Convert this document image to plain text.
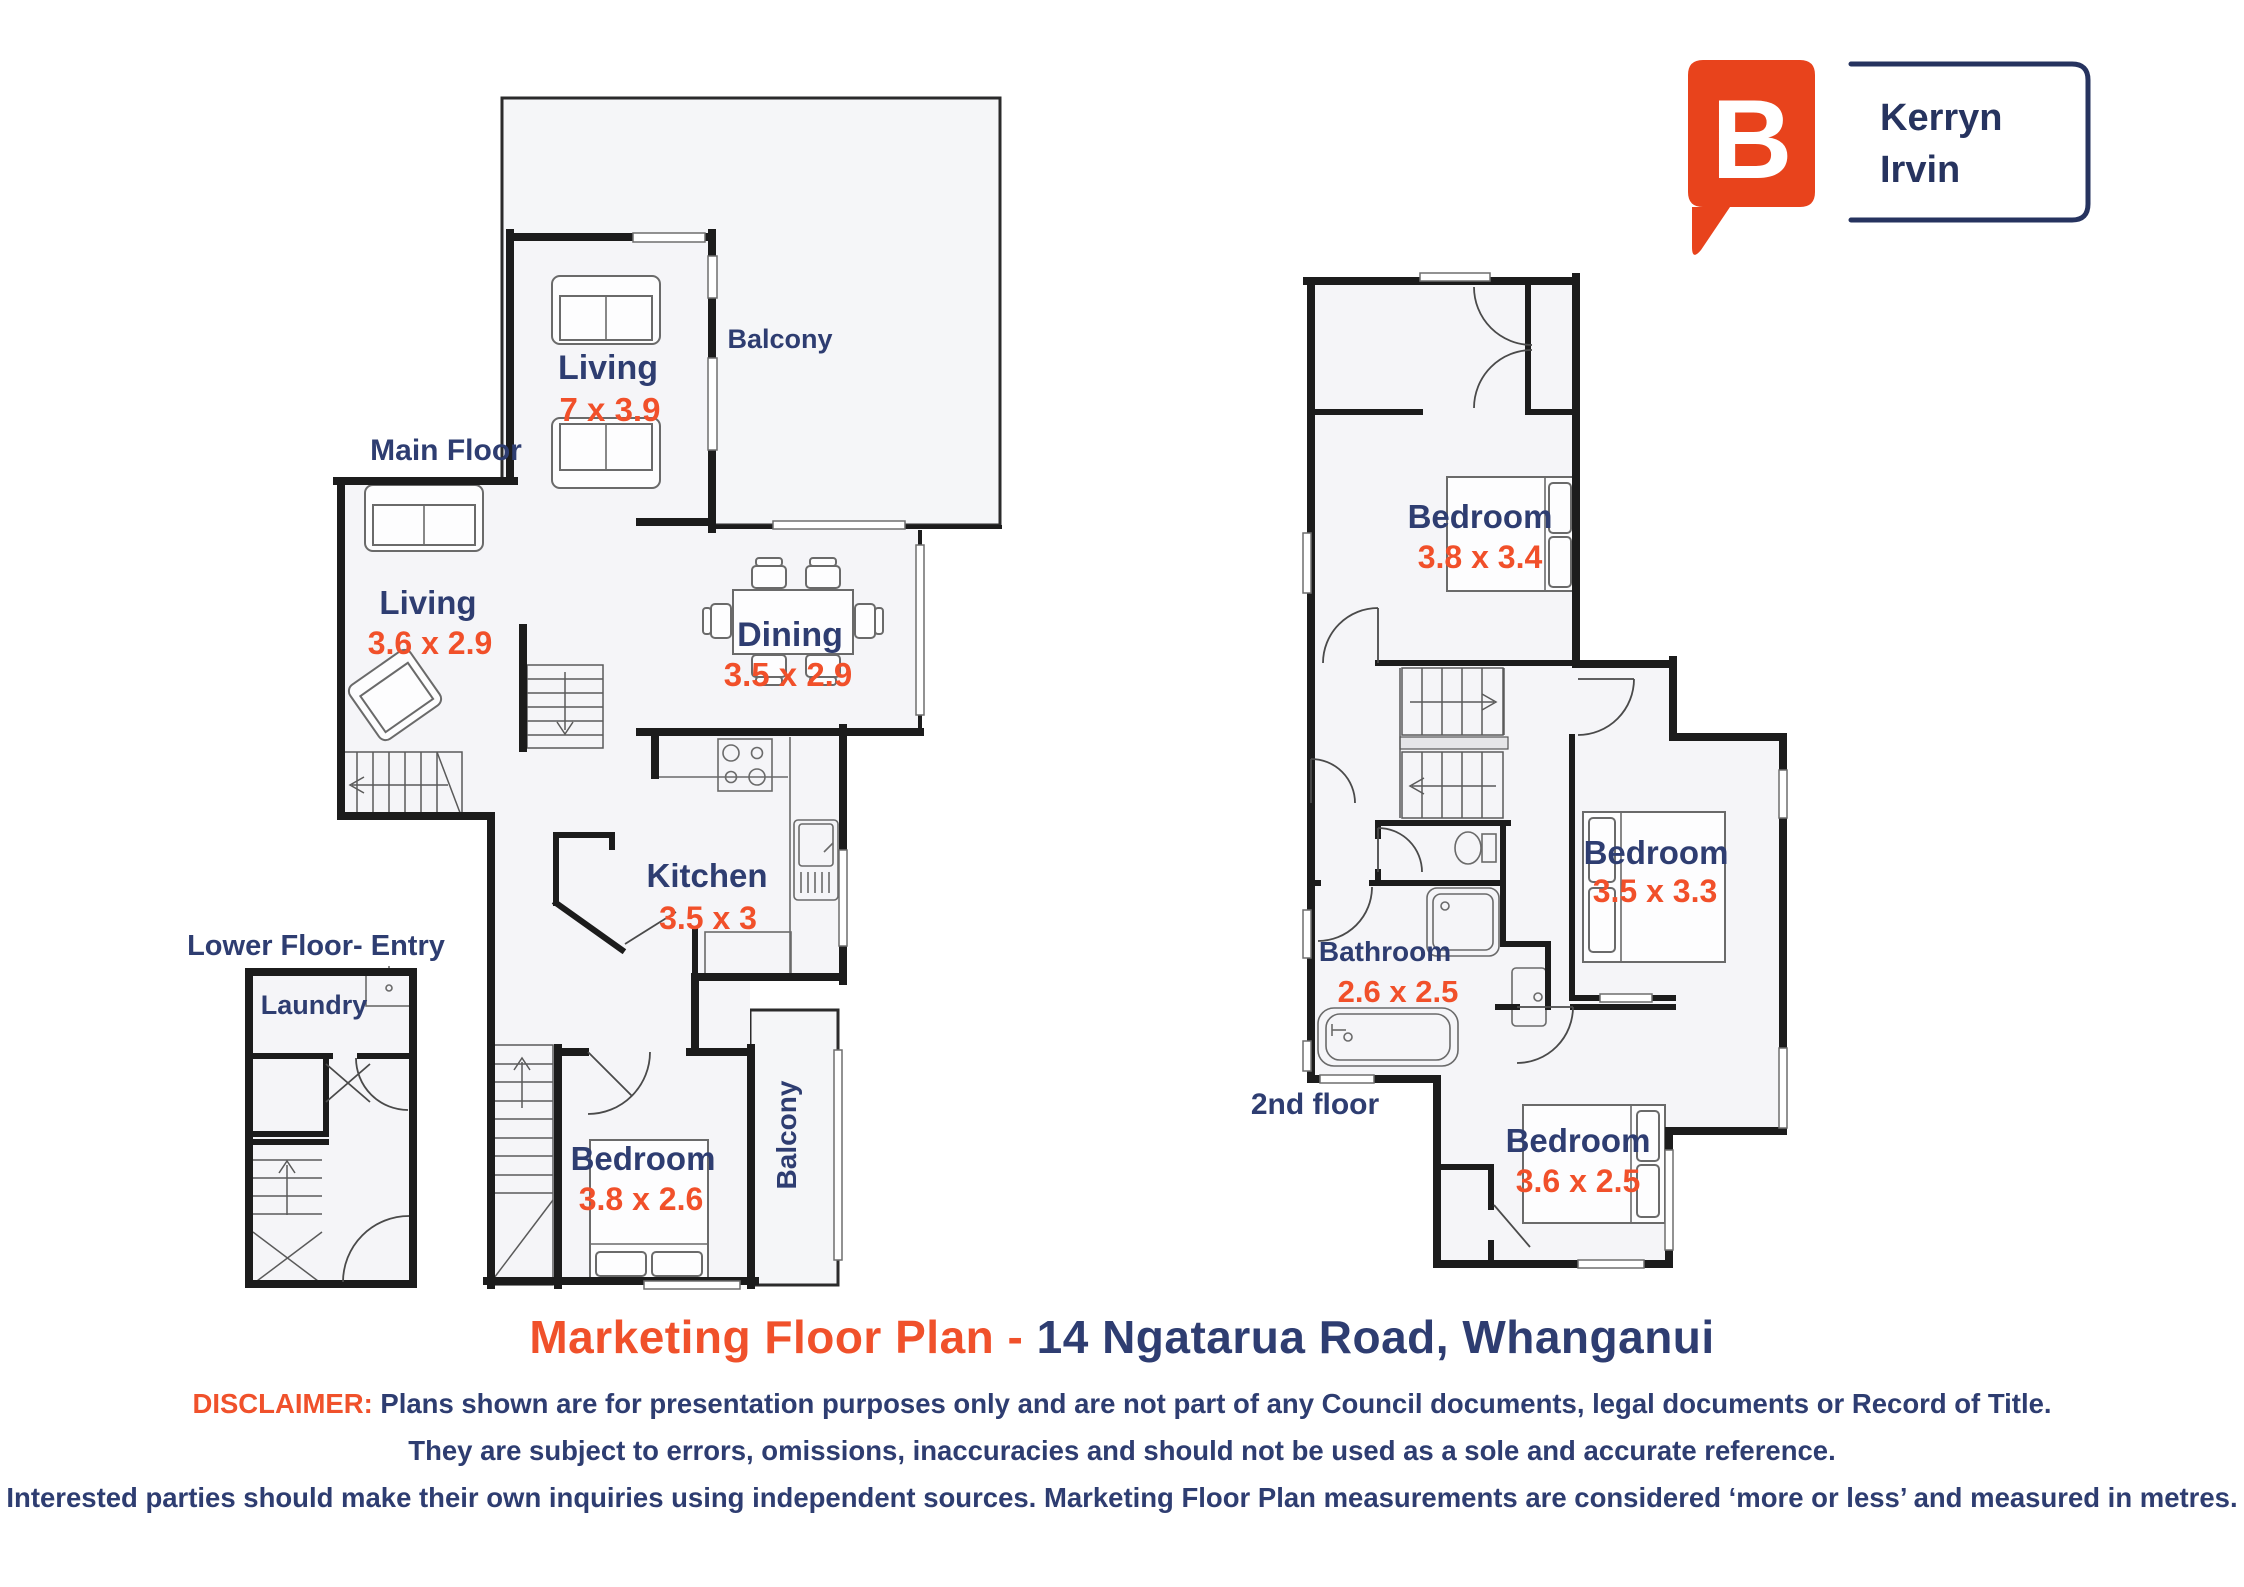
Main Floor
Living
7 x 3.9
Balcony
Living
3.6 x 2.9	Dining
3.5 x 2.9
Kitchen
3.5 x 3
Bedroom
3.8 x 2.6
Balcony
Lower Floor- Entry
Laundry
Bedroom
3.8 x 3.4
Bedroom
3.5 x 3.3
Bathroom
2.6 x 2.5
Bedroom
3.6 x 2.5
2nd floor
B Kerryn
Irvin
Marketing Floor Plan - 14 Ngatarua Road, Whanganui

DISCLAIMER: Plans shown are for presentation purposes only and are not part of any Council documents, legal documents or Record of Title.

They are subject to errors, omissions, inaccuracies and should not be used as a sole and accurate reference.

Interested parties should make their own inquiries using independent sources. Marketing Floor Plan measurements are considered ‘more or less’ and measured in metres.
